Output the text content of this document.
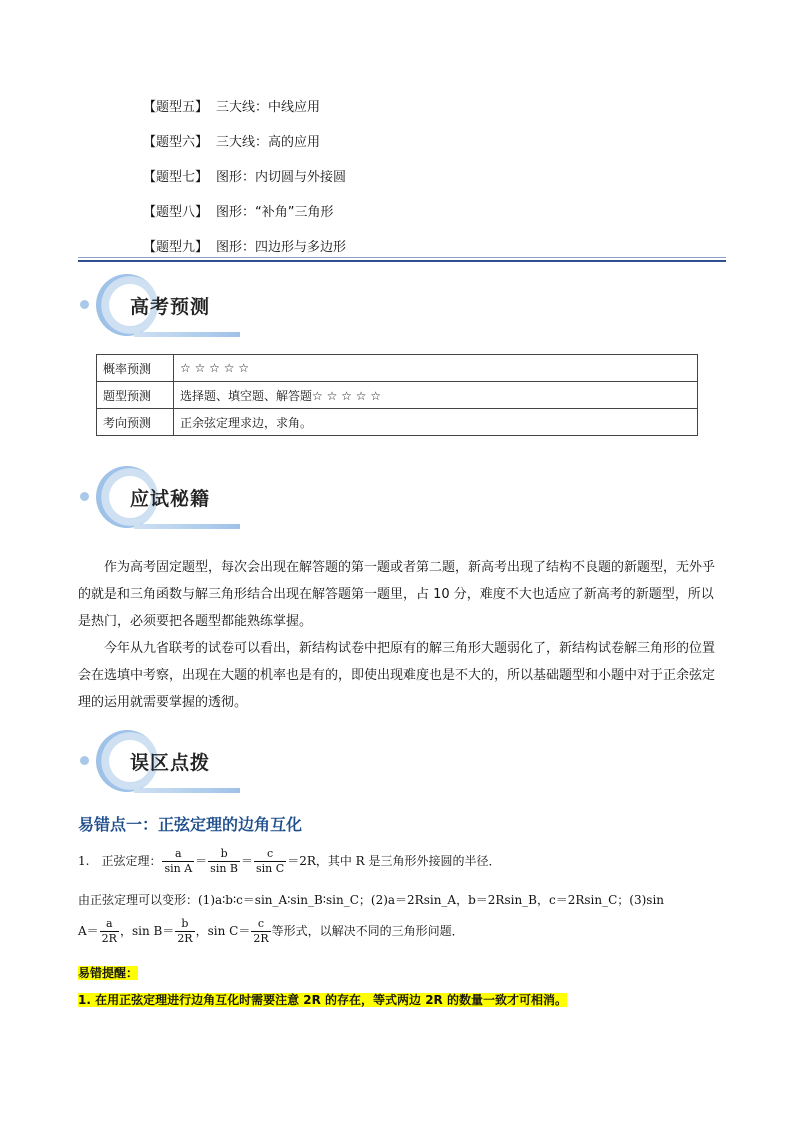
【题型五】 三大线：中线应用
【题型六】 三大线：高的应用
【题型七】 图形：内切圆与外接圆
【题型八】 图形：“补角”三角形
【题型九】 图形：四边形与多边形
高考预测
概率预测	☆ ☆ ☆ ☆ ☆
题型预测	选择题、填空题、解答题☆ ☆ ☆ ☆ ☆
考向预测	正余弦定理求边，求角。
应试秘籍
作为高考固定题型，每次会出现在解答题的第一题或者第二题，新高考出现了结构不良题的新题型，无外乎的就是和三角函数与解三角形结合出现在解答题第一题里，占 10 分，难度不大也适应了新高考的新题型，所以是热门，必须要把各题型都能熟练掌握。
今年从九省联考的试卷可以看出，新结构试卷中把原有的解三角形大题弱化了，新结构试卷解三角形的位置会在选填中考察，出现在大题的机率也是有的，即使出现难度也是不大的，所以基础题型和小题中对于正余弦定理的运用就需要掌握的透彻。
误区点拨
易错点一：正弦定理的边角互化
1.　正弦定理： $\frac{a}{\text{sin A}} = \frac{b}{\text{sin B}} = \frac{c}{\text{sin C}} =2R$，其中 R 是三角形外接圆的半径．
由正弦定理可以变形：(1)a∶b∶c＝sin_A∶sin_B∶sin_C；(2)a＝2Rsin_A，b＝2Rsin_B，c＝2Rsin_C；(3)sin
$A= \frac{a}{2R}$ ，$\sin B= \frac{b}{2R}$ ，$\sin C= \frac{c}{2R}$ 等形式，以解决不同的三角形问题．
易错提醒：
1. 在用正弦定理进行边角互化时需要注意 2R 的存在，等式两边 2R 的数量一致才可相消。
